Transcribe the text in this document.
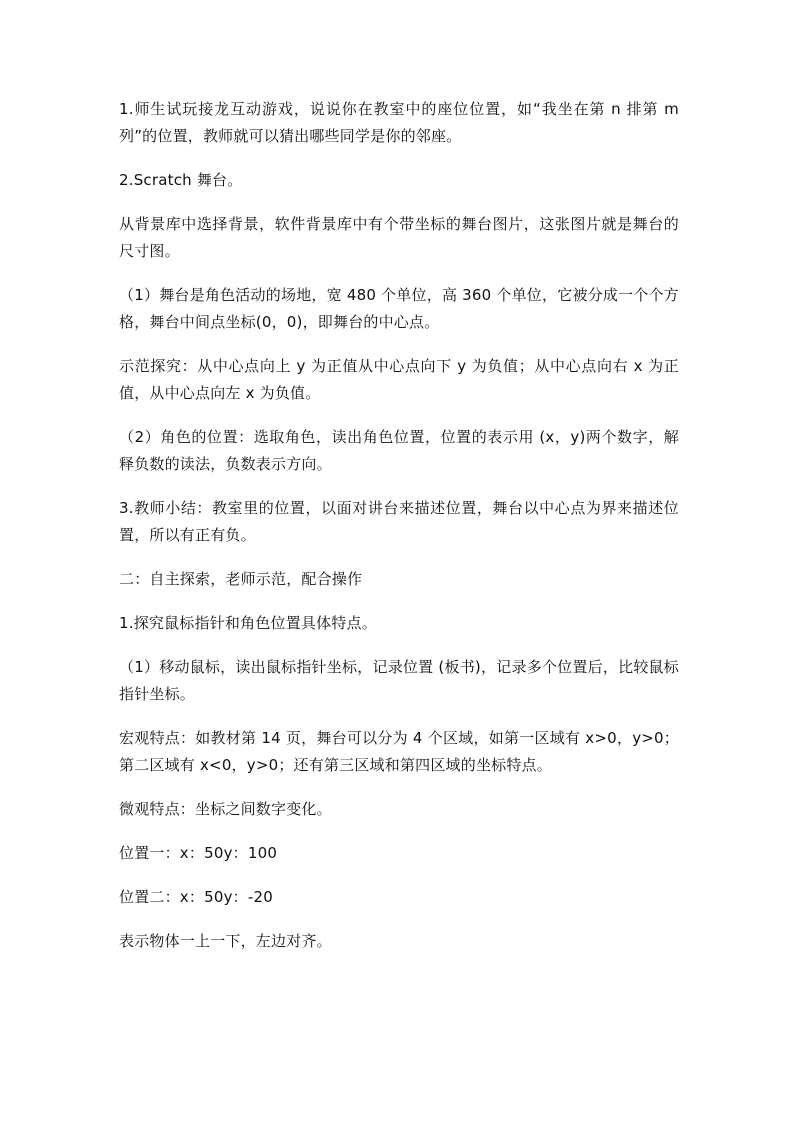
1.师生试玩接龙互动游戏，说说你在教室中的座位位置，如“我坐在第 n 排第 m 列”的位置，教师就可以猜出哪些同学是你的邻座。

2.Scratch 舞台。

从背景库中选择背景，软件背景库中有个带坐标的舞台图片，这张图片就是舞台的尺寸图。

（1）舞台是角色活动的场地，宽 480 个单位，高 360 个单位，它被分成一个个方格，舞台中间点坐标(0，0)，即舞台的中心点。

示范探究：从中心点向上 y 为正值从中心点向下 y 为负值；从中心点向右 x 为正值，从中心点向左 x 为负值。

（2）角色的位置：选取角色，读出角色位置，位置的表示用 (x，y)两个数字，解释负数的读法，负数表示方向。

3.教师小结：教室里的位置，以面对讲台来描述位置，舞台以中心点为界来描述位置，所以有正有负。

二：自主探索，老师示范，配合操作

1.探究鼠标指针和角色位置具体特点。

（1）移动鼠标，读出鼠标指针坐标，记录位置 (板书)，记录多个位置后，比较鼠标指针坐标。

宏观特点：如教材第 14 页，舞台可以分为 4 个区域，如第一区域有 x>0，y>0；第二区域有 x<0，y>0；还有第三区域和第四区域的坐标特点。

微观特点：坐标之间数字变化。

位置一：x：50y：100

位置二：x：50y：-20

表示物体一上一下，左边对齐。
